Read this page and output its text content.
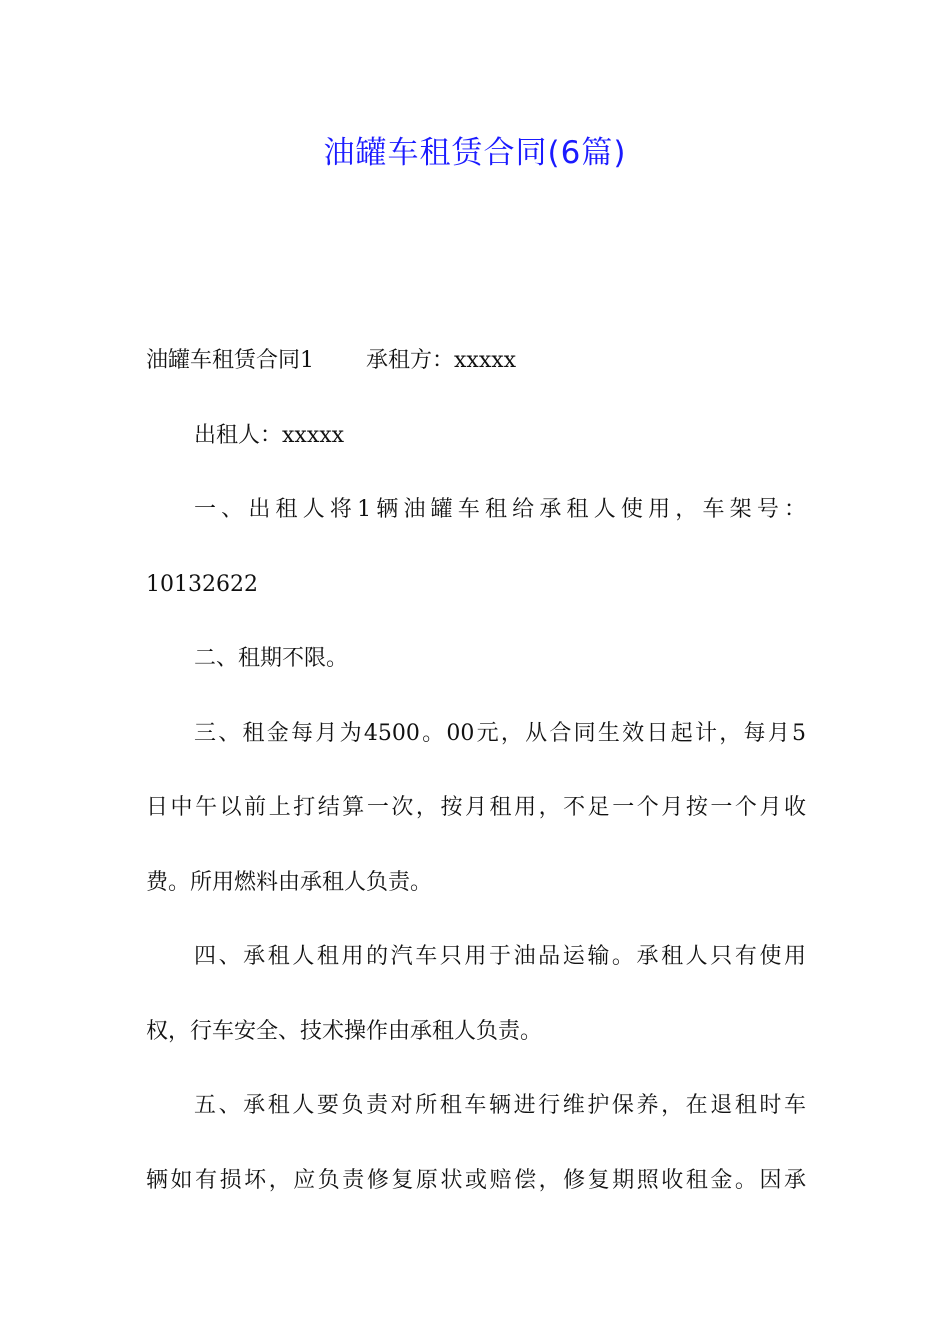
油罐车租赁合同(6篇)
油罐车租赁合同1 承租方：xxxxx
出租人：xxxxx
一、出租人将1辆油罐车租给承租人使用，车架号：
10132622
二、租期不限。
三、租金每月为4500。00元，从合同生效日起计，每月5
日中午以前上打结算一次，按月租用，不足一个月按一个月收
费。所用燃料由承租人负责。
四、承租人租用的汽车只用于油品运输。承租人只有使用
权，行车安全、技术操作由承租人负责。
五、承租人要负责对所租车辆进行维护保养，在退租时车
辆如有损坏，应负责修复原状或赔偿，修复期照收租金。因承
